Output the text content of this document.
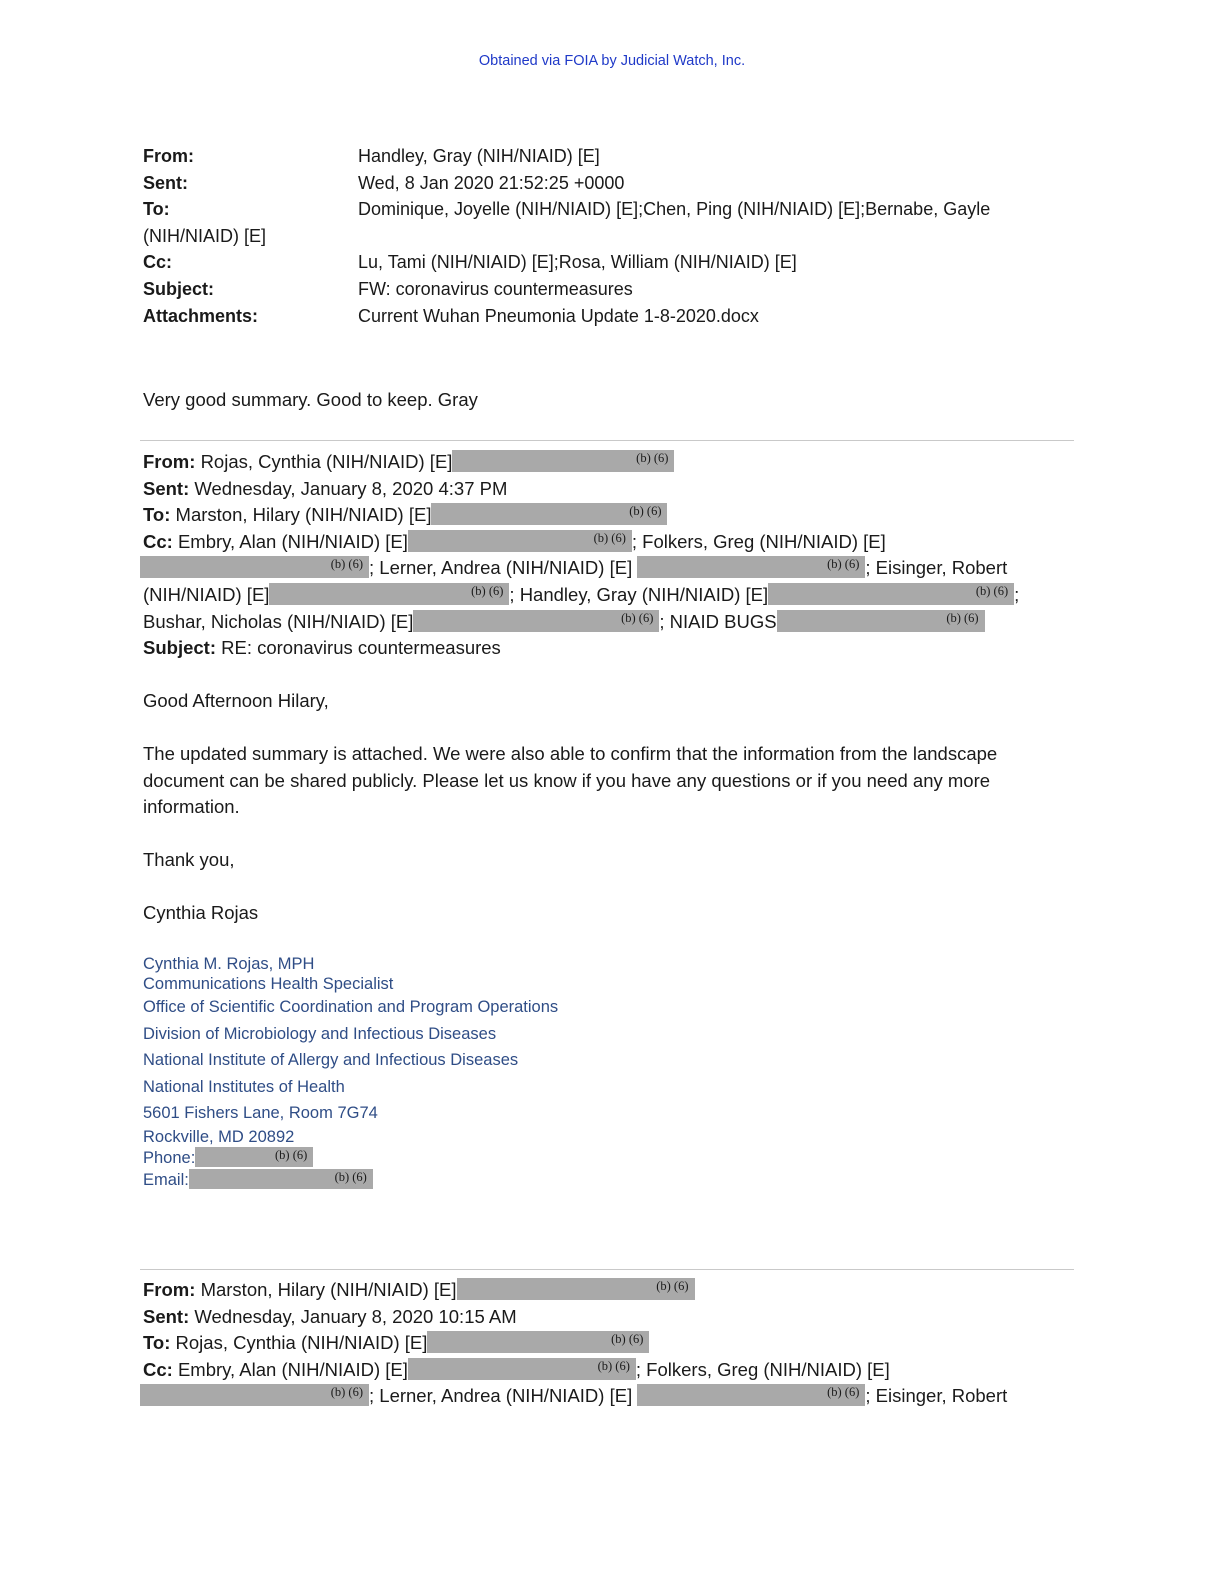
Obtained via FOIA by Judicial Watch, Inc.
From:	Handley, Gray (NIH/NIAID) [E]
Sent:	Wed, 8 Jan 2020 21:52:25 +0000
To:	Dominique, Joyelle (NIH/NIAID) [E];Chen, Ping (NIH/NIAID) [E];Bernabe, Gayle
(NIH/NIAID) [E]
Cc:	Lu, Tami (NIH/NIAID) [E];Rosa, William (NIH/NIAID) [E]
Subject:	FW: coronavirus countermeasures
Attachments:	Current Wuhan Pneumonia Update 1-8-2020.docx
Very good summary. Good to keep. Gray
From: Rojas, Cynthia (NIH/NIAID) [E]	(b) (6)
Sent: Wednesday, January 8, 2020 4:37 PM
To: Marston, Hilary (NIH/NIAID) [E]	(b) (6)
Cc: Embry, Alan (NIH/NIAID) [E]	(b) (6) ; Folkers, Greg (NIH/NIAID) [E]
(b) (6) ; Lerner, Andrea (NIH/NIAID) [E]	(b) (6) ; Eisinger, Robert
(NIH/NIAID) [E]	(b) (6) ; Handley, Gray (NIH/NIAID) [E]	(b) (6) ;
Bushar, Nicholas (NIH/NIAID) [E]	(b) (6) ; NIAID BUGS	(b) (6)
Subject: RE: coronavirus countermeasures
Good Afternoon Hilary,
The updated summary is attached. We were also able to confirm that the information from the landscape document can be shared publicly. Please let us know if you have any questions or if you need any more information.
Thank you,
Cynthia Rojas
Cynthia M. Rojas, MPH
Communications Health Specialist
Office of Scientific Coordination and Program Operations
Division of Microbiology and Infectious Diseases
National Institute of Allergy and Infectious Diseases
National Institutes of Health
5601 Fishers Lane, Room 7G74
Rockville, MD 20892
Phone:	(b) (6)
Email:	(b) (6)
From: Marston, Hilary (NIH/NIAID) [E]	(b) (6)
Sent: Wednesday, January 8, 2020 10:15 AM
To: Rojas, Cynthia (NIH/NIAID) [E]	(b) (6)
Cc: Embry, Alan (NIH/NIAID) [E]	(b) (6) ; Folkers, Greg (NIH/NIAID) [E]
(b) (6) ; Lerner, Andrea (NIH/NIAID) [E]	(b) (6) ; Eisinger, Robert
